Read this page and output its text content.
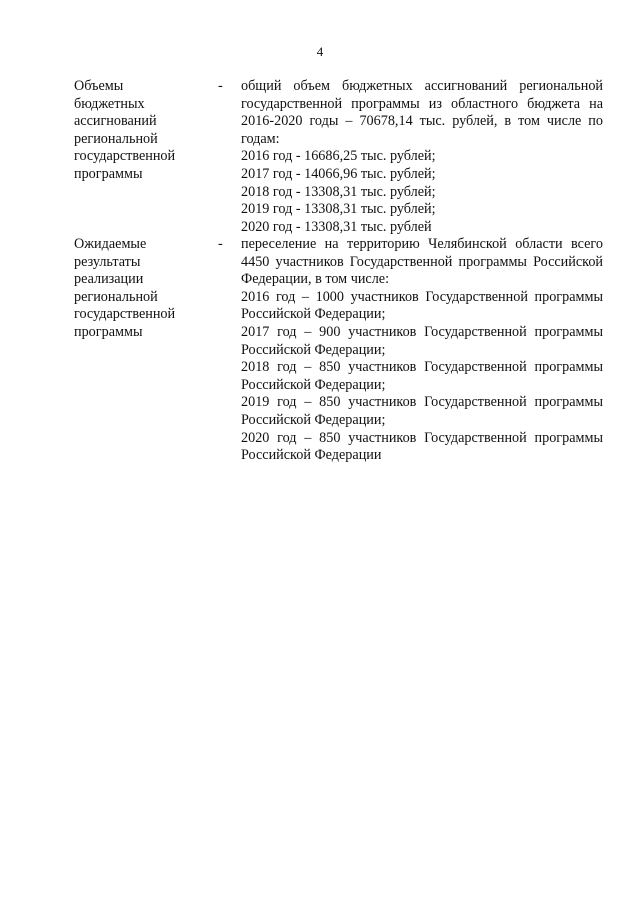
4
Объемы
бюджетных
ассигнований
региональной
государственной
программы
-	общий объем бюджетных ассигнований региональной государственной программы из областного бюджета на 2016-2020 годы – 70678,14 тыс. рублей, в том числе по годам:
2016 год - 16686,25 тыс. рублей;
2017 год - 14066,96 тыс. рублей;
2018 год - 13308,31 тыс. рублей;
2019 год - 13308,31 тыс. рублей;
2020 год - 13308,31 тыс. рублей
Ожидаемые
результаты
реализации
региональной
государственной
программы
-	переселение на территорию Челябинской области всего 4450 участников Государственной программы Российской Федерации, в том числе:
2016 год – 1000 участников Государственной программы Российской Федерации;
2017 год – 900 участников Государственной программы Российской Федерации;
2018 год – 850 участников Государственной программы Российской Федерации;
2019 год – 850 участников Государственной программы Российской Федерации;
2020 год – 850 участников Государственной программы Российской Федерации
